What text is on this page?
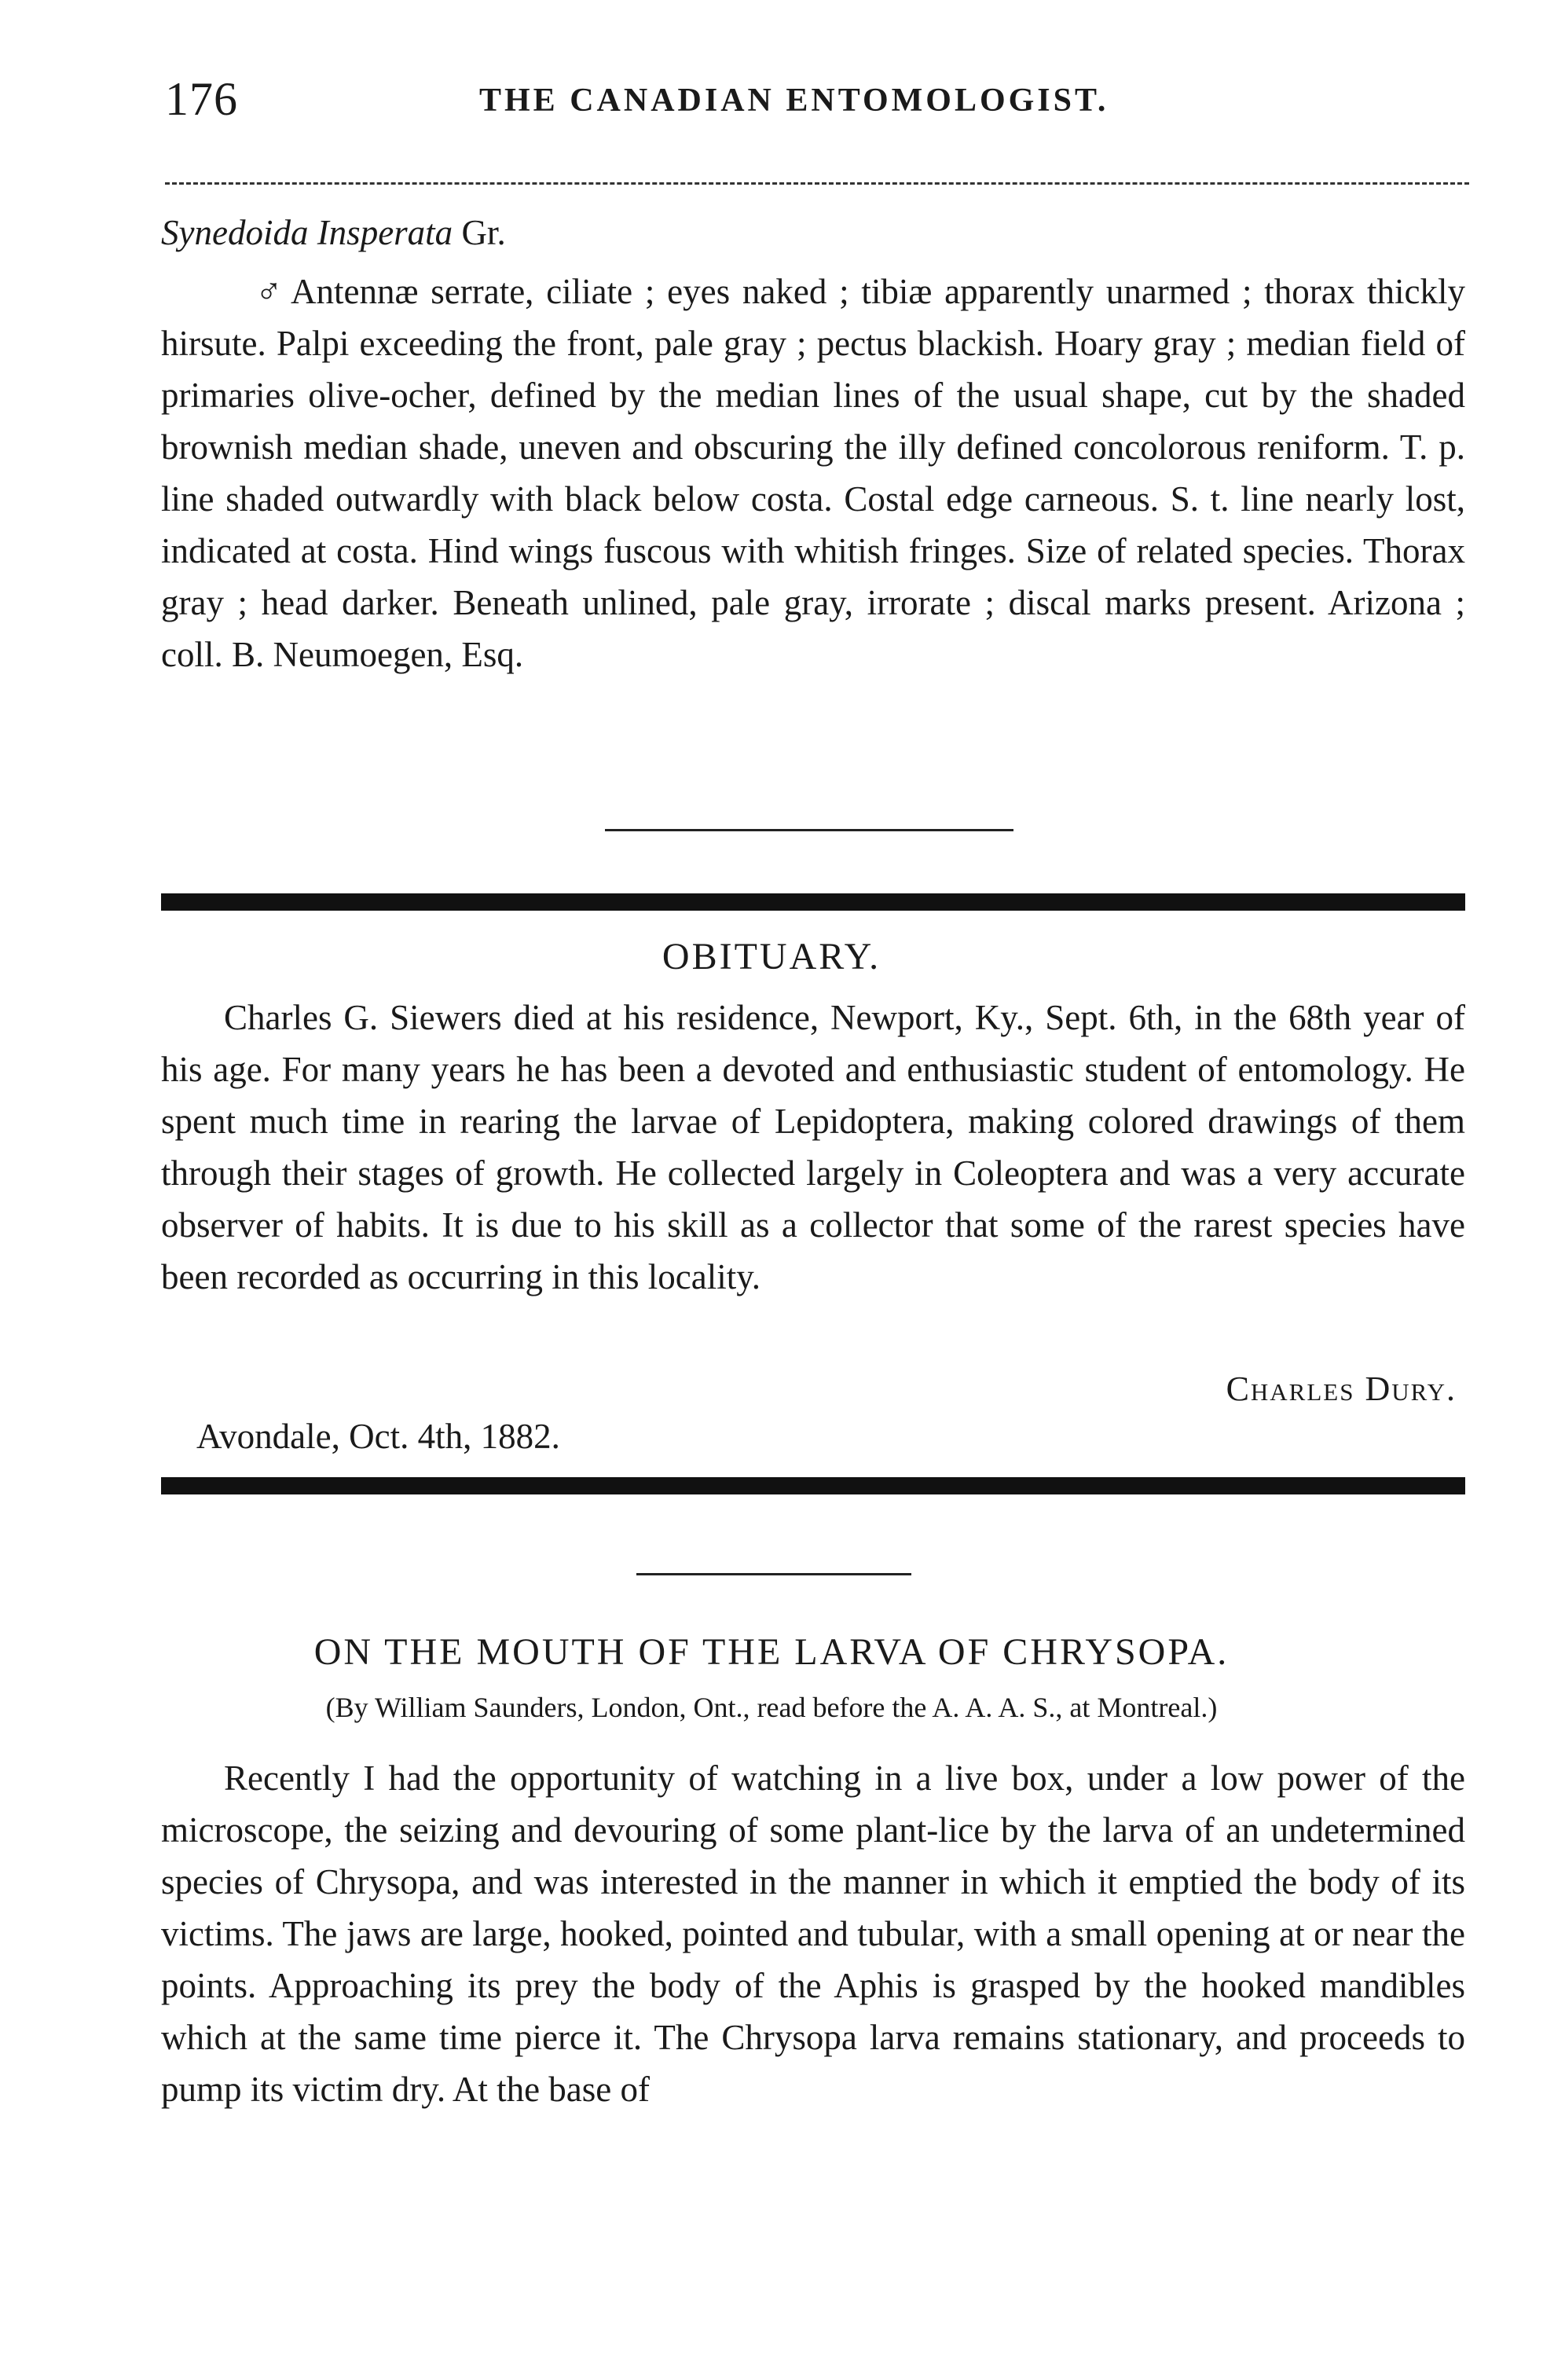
176	THE CANADIAN ENTOMOLOGIST.
Synedoida Insperata Gr.

♂ Antennæ serrate, ciliate ; eyes naked ; tibiæ apparently unarmed ; thorax thickly hirsute. Palpi exceeding the front, pale gray ; pectus blackish. Hoary gray ; median field of primaries olive-ocher, defined by the median lines of the usual shape, cut by the shaded brownish median shade, uneven and obscuring the illy defined concolorous reniform. T. p. line shaded outwardly with black below costa. Costal edge carneous. S. t. line nearly lost, indicated at costa. Hind wings fuscous with whitish fringes. Size of related species. Thorax gray ; head darker. Beneath unlined, pale gray, irrorate ; discal marks present. Arizona ; coll. B. Neumoegen, Esq.

OBITUARY.

Charles G. Siewers died at his residence, Newport, Ky., Sept. 6th, in the 68th year of his age. For many years he has been a devoted and enthusiastic student of entomology. He spent much time in rearing the larvae of Lepidoptera, making colored drawings of them through their stages of growth. He collected largely in Coleoptera and was a very accurate observer of habits. It is due to his skill as a collector that some of the rarest species have been recorded as occurring in this locality.

Charles Dury.
Avondale, Oct. 4th, 1882.
ON THE MOUTH OF THE LARVA OF CHRYSOPA.
(By William Saunders, London, Ont., read before the A. A. A. S., at Montreal.)

Recently I had the opportunity of watching in a live box, under a low power of the microscope, the seizing and devouring of some plant-lice by the larva of an undetermined species of Chrysopa, and was interested in the manner in which it emptied the body of its victims. The jaws are large, hooked, pointed and tubular, with a small opening at or near the points. Approaching its prey the body of the Aphis is grasped by the hooked mandibles which at the same time pierce it. The Chrysopa larva remains stationary, and proceeds to pump its victim dry. At the base of
